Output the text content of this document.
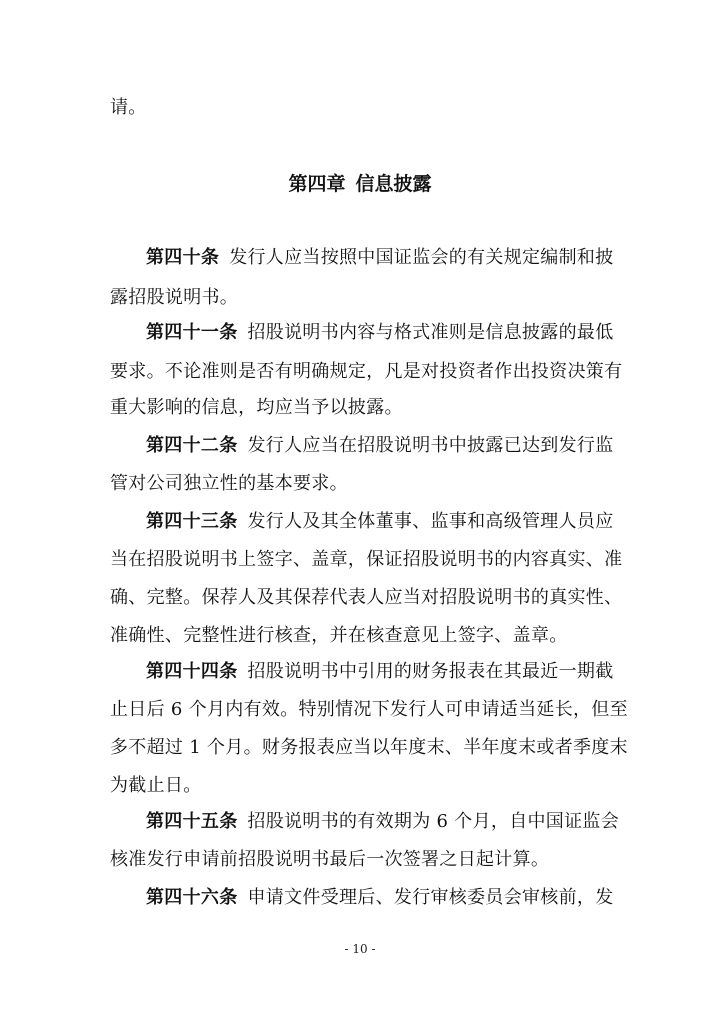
请。
第四章 信息披露
第四十条 发行人应当按照中国证监会的有关规定编制和披
露招股说明书。
第四十一条 招股说明书内容与格式准则是信息披露的最低
要求。不论准则是否有明确规定，凡是对投资者作出投资决策有
重大影响的信息，均应当予以披露。
第四十二条 发行人应当在招股说明书中披露已达到发行监
管对公司独立性的基本要求。
第四十三条 发行人及其全体董事、监事和高级管理人员应
当在招股说明书上签字、盖章，保证招股说明书的内容真实、准
确、完整。保荐人及其保荐代表人应当对招股说明书的真实性、
准确性、完整性进行核查，并在核查意见上签字、盖章。
第四十四条 招股说明书中引用的财务报表在其最近一期截
止日后 6 个月内有效。特别情况下发行人可申请适当延长，但至
多不超过 1 个月。财务报表应当以年度末、半年度末或者季度末
为截止日。
第四十五条 招股说明书的有效期为 6 个月，自中国证监会
核准发行申请前招股说明书最后一次签署之日起计算。
第四十六条 申请文件受理后、发行审核委员会审核前，发
- 10 -
